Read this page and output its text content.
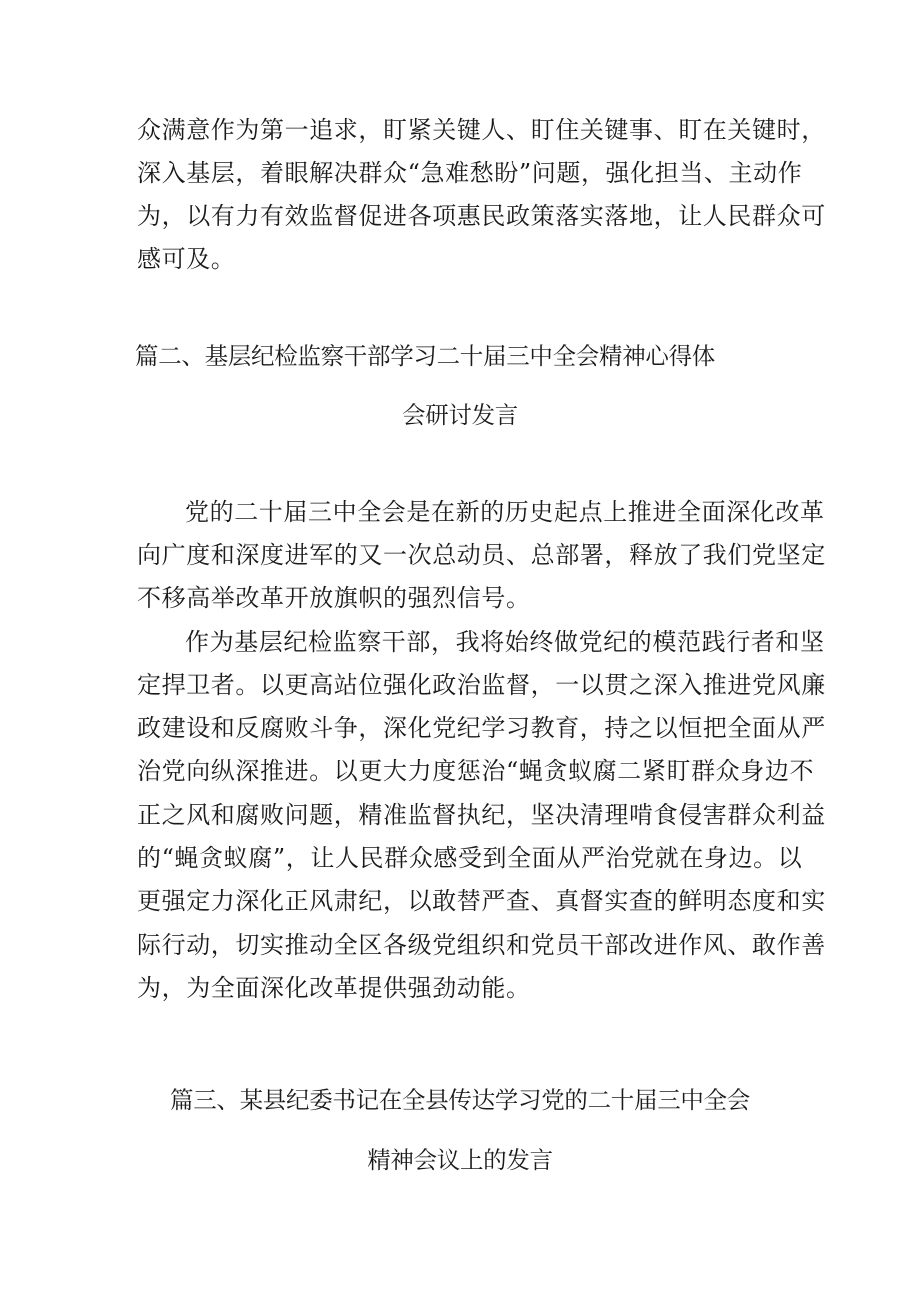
众满意作为第一追求，盯紧关键人、盯住关键事、盯在关键时，

深入基层，着眼解决群众“急难愁盼”问题，强化担当、主动作

为，以有力有效监督促进各项惠民政策落实落地，让人民群众可

感可及。

篇二、基层纪检监察干部学习二十届三中全会精神心得体

会研讨发言

党的二十届三中全会是在新的历史起点上推进全面深化改革

向广度和深度进军的又一次总动员、总部署，释放了我们党坚定

不移高举改革开放旗帜的强烈信号。

作为基层纪检监察干部，我将始终做党纪的模范践行者和坚

定捍卫者。以更高站位强化政治监督，一以贯之深入推进党风廉

政建设和反腐败斗争，深化党纪学习教育，持之以恒把全面从严

治党向纵深推进。以更大力度惩治“蝇贪蚁腐二紧盯群众身边不

正之风和腐败问题，精准监督执纪，坚决清理啃食侵害群众利益

的“蝇贪蚁腐”，让人民群众感受到全面从严治党就在身边。以

更强定力深化正风肃纪，以敢替严查、真督实查的鲜明态度和实

际行动，切实推动全区各级党组织和党员干部改进作风、敢作善

为，为全面深化改革提供强劲动能。

篇三、某县纪委书记在全县传达学习党的二十届三中全会

精神会议上的发言
